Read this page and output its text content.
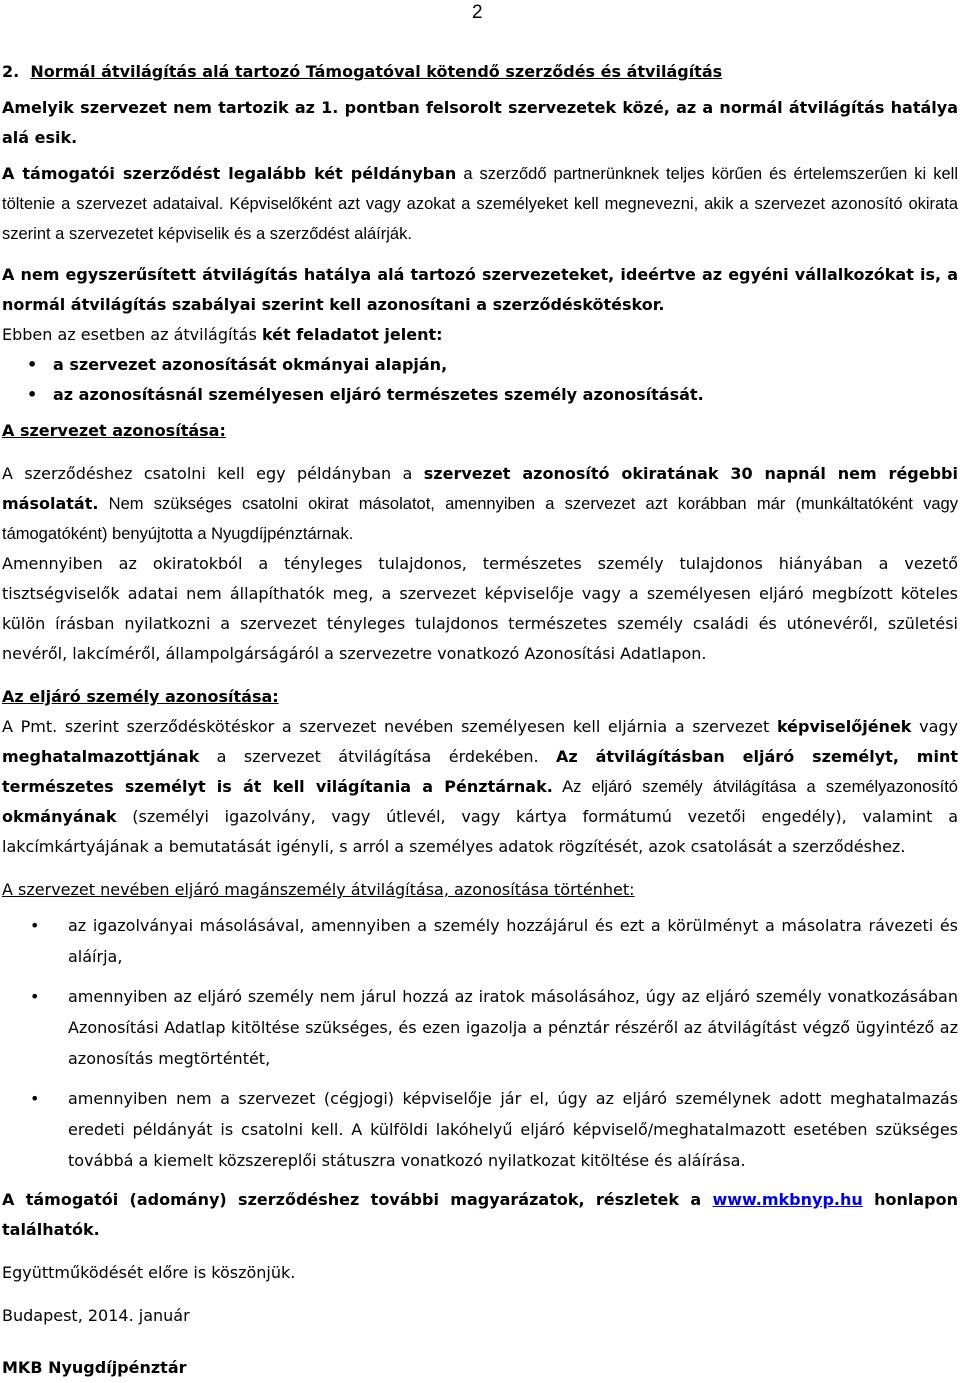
2

2. Normál átvilágítás alá tartozó Támogatóval kötendő szerződés és átvilágítás

Amelyik szervezet nem tartozik az 1. pontban felsorolt szervezetek közé, az a normál átvilágítás hatálya alá esik.

A támogatói szerződést legalább két példányban a szerződő partnerünknek teljes körűen és értelemszerűen ki kell töltenie a szervezet adataival. Képviselőként azt vagy azokat a személyeket kell megnevezni, akik a szervezet azonosító okirata szerint a szervezetet képviselik és a szerződést aláírják.

A nem egyszerűsített átvilágítás hatálya alá tartozó szervezeteket, ideértve az egyéni vállalkozókat is, a normál átvilágítás szabályai szerint kell azonosítani a szerződéskötéskor.

Ebben az esetben az átvilágítás két feladatot jelent:

• a szervezet azonosítását okmányai alapján,
• az azonosításnál személyesen eljáró természetes személy azonosítását.

A szervezet azonosítása:

A szerződéshez csatolni kell egy példányban a szervezet azonosító okiratának 30 napnál nem régebbi másolatát. Nem szükséges csatolni okirat másolatot, amennyiben a szervezet azt korábban már (munkáltatóként vagy támogatóként) benyújtotta a Nyugdíjpénztárnak.

Amennyiben az okiratokból a tényleges tulajdonos, természetes személy tulajdonos hiányában a vezető tisztségviselők adatai nem állapíthatók meg, a szervezet képviselője vagy a személyesen eljáró megbízott köteles külön írásban nyilatkozni a szervezet tényleges tulajdonos természetes személy családi és utónevéről, születési nevéről, lakcíméről, állampolgárságáról a szervezetre vonatkozó Azonosítási Adatlapon.

Az eljáró személy azonosítása:

A Pmt. szerint szerződéskötéskor a szervezet nevében személyesen kell eljárnia a szervezet képviselőjének vagy meghatalmazottjának a szervezet átvilágítása érdekében. Az átvilágításban eljáró személyt, mint természetes személyt is át kell világítania a Pénztárnak. Az eljáró személy átvilágítása a személyazonosító okmányának (személyi igazolvány, vagy útlevél, vagy kártya formátumú vezetői engedély), valamint a lakcímkártyájának a bemutatását igényli, s arról a személyes adatok rögzítését, azok csatolását a szerződéshez.

A szervezet nevében eljáró magánszemély átvilágítása, azonosítása történhet:

• az igazolványai másolásával, amennyiben a személy hozzájárul és ezt a körülményt a másolatra rávezeti és aláírja,
• amennyiben az eljáró személy nem járul hozzá az iratok másolásához, úgy az eljáró személy vonatkozásában Azonosítási Adatlap kitöltése szükséges, és ezen igazolja a pénztár részéről az átvilágítást végző ügyintéző az azonosítás megtörténtét,
• amennyiben nem a szervezet (cégjogi) képviselője jár el, úgy az eljáró személynek adott meghatalmazás eredeti példányát is csatolni kell. A külföldi lakóhelyű eljáró képviselő/meghatalmazott esetében szükséges továbbá a kiemelt közszereplői státuszra vonatkozó nyilatkozat kitöltése és aláírása.

A támogatói (adomány) szerződéshez további magyarázatok, részletek a www.mkbnyp.hu honlapon találhatók.

Együttműködését előre is köszönjük.

Budapest, 2014. január

MKB Nyugdíjpénztár
